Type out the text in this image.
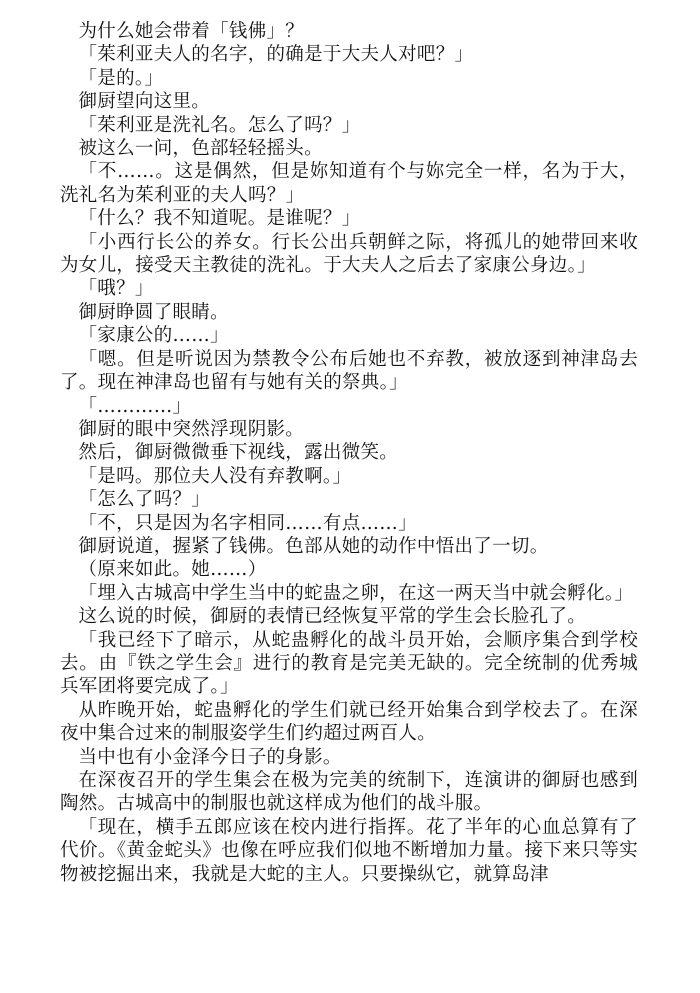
为什么她会带着「钱佛」？

「茱利亚夫人的名字，的确是于大夫人对吧？」

「是的。」

御厨望向这里。

「茱利亚是洗礼名。怎么了吗？」

被这么一问，色部轻轻摇头。

「不……。这是偶然，但是妳知道有个与妳完全一样，名为于大，洗礼名为茱利亚的夫人吗？」

「什么？我不知道呢。是谁呢？」

「小西行长公的养女。行长公出兵朝鲜之际，将孤儿的她带回来收为女儿，接受天主教徒的洗礼。于大夫人之后去了家康公身边。」

「哦？」

御厨睁圆了眼睛。

「家康公的……」

「嗯。但是听说因为禁教令公布后她也不弃教，被放逐到神津岛去了。现在神津岛也留有与她有关的祭典。」

「…………」

御厨的眼中突然浮现阴影。

然后，御厨微微垂下视线，露出微笑。

「是吗。那位夫人没有弃教啊。」

「怎么了吗？」

「不，只是因为名字相同……有点……」

御厨说道，握紧了钱佛。色部从她的动作中悟出了一切。

（原来如此。她……）

「埋入古城高中学生当中的蛇蛊之卵，在这一两天当中就会孵化。」

这么说的时候，御厨的表情已经恢复平常的学生会长脸孔了。

「我已经下了暗示，从蛇蛊孵化的战斗员开始，会顺序集合到学校去。由『铁之学生会』进行的教育是完美无缺的。完全统制的优秀城兵军团将要完成了。」

从昨晚开始，蛇蛊孵化的学生们就已经开始集合到学校去了。在深夜中集合过来的制服姿学生们约超过两百人。

当中也有小金泽今日子的身影。

在深夜召开的学生集会在极为完美的统制下，连演讲的御厨也感到陶然。古城高中的制服也就这样成为他们的战斗服。

「现在，横手五郎应该在校内进行指挥。花了半年的心血总算有了代价。《黄金蛇头》也像在呼应我们似地不断增加力量。接下来只等实物被挖掘出来，我就是大蛇的主人。只要操纵它，就算岛津
